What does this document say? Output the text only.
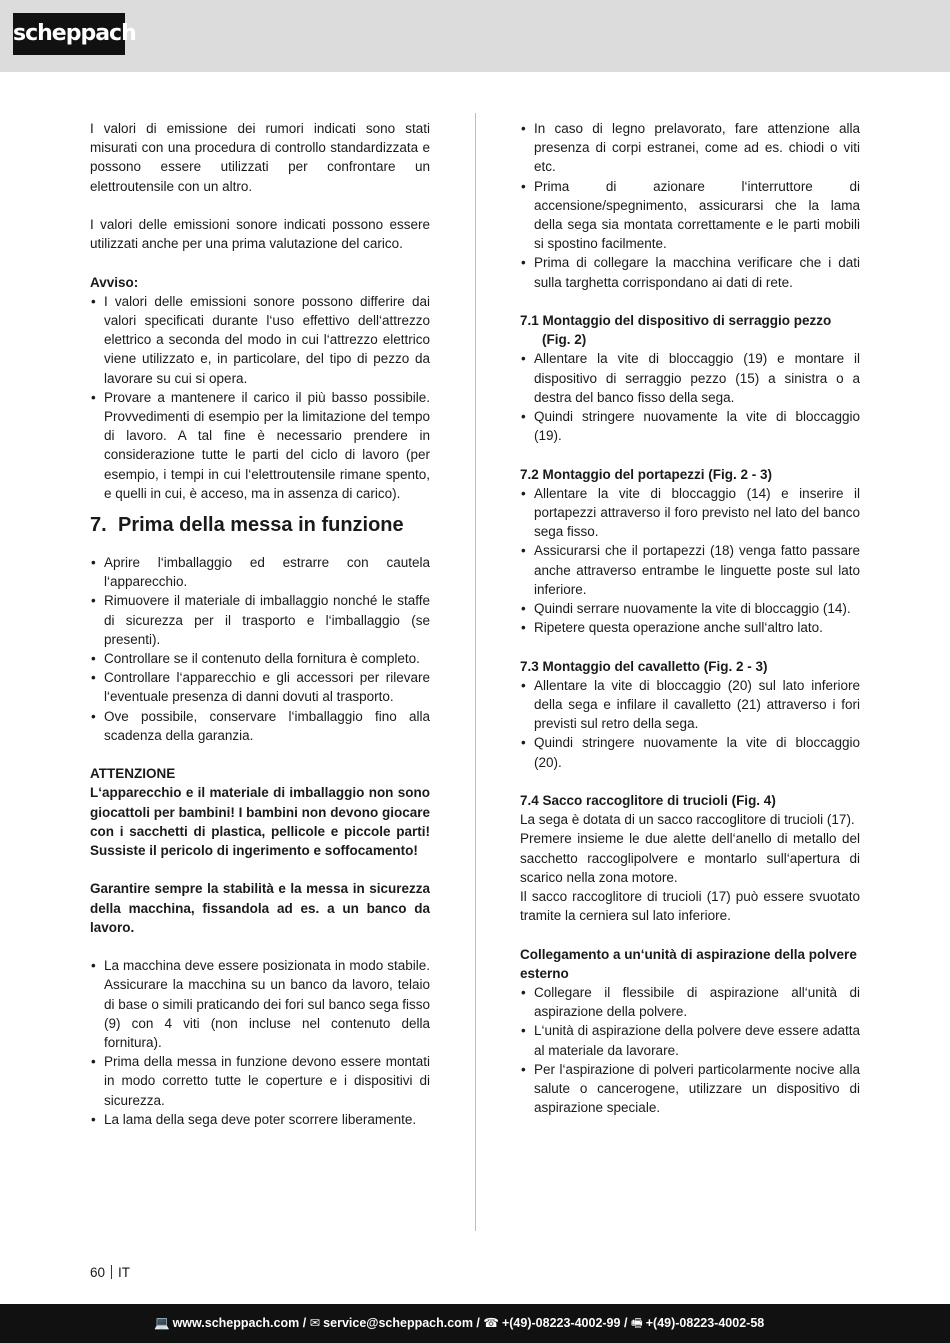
scheppach

I valori di emissione dei rumori indicati sono stati misurati con una procedura di controllo standardizzata e possono essere utilizzati per confrontare un elettroutensile con un altro.

I valori delle emissioni sonore indicati possono essere utilizzati anche per una prima valutazione del carico.

Avviso:
• I valori delle emissioni sonore possono differire dai valori specificati durante l‘uso effettivo dell‘attrezzo elettrico a seconda del modo in cui l‘attrezzo elettrico viene utilizzato e, in particolare, del tipo di pezzo da lavorare su cui si opera.
• Provare a mantenere il carico il più basso possibile. Provvedimenti di esempio per la limitazione del tempo di lavoro. A tal fine è necessario prendere in considerazione tutte le parti del ciclo di lavoro (per esempio, i tempi in cui l‘elettroutensile rimane spento, e quelli in cui, è acceso, ma in assenza di carico).
7. Prima della messa in funzione
• Aprire l‘imballaggio ed estrarre con cautela l‘apparecchio.
• Rimuovere il materiale di imballaggio nonché le staffe di sicurezza per il trasporto e l‘imballaggio (se presenti).
• Controllare se il contenuto della fornitura è completo.
• Controllare l‘apparecchio e gli accessori per rilevare l‘eventuale presenza di danni dovuti al trasporto.
• Ove possibile, conservare l‘imballaggio fino alla scadenza della garanzia.
ATTENZIONE

L‘apparecchio e il materiale di imballaggio non sono giocattoli per bambini! I bambini non devono giocare con i sacchetti di plastica, pellicole e piccole parti! Sussiste il pericolo di ingerimento e soffocamento!

Garantire sempre la stabilità e la messa in sicurezza della macchina, fissandola ad es. a un banco da lavoro.

• La macchina deve essere posizionata in modo stabile. Assicurare la macchina su un banco da lavoro, telaio di base o simili praticando dei fori sul banco sega fisso (9) con 4 viti (non incluse nel contenuto della fornitura).
• Prima della messa in funzione devono essere montati in modo corretto tutte le coperture e i dispositivi di sicurezza.
• La lama della sega deve poter scorrere liberamente.
• In caso di legno prelavorato, fare attenzione alla presenza di corpi estranei, come ad es. chiodi o viti etc.
• Prima di azionare l‘interruttore di accensione/spegnimento, assicurarsi che la lama della sega sia montata correttamente e le parti mobili si spostino facilmente.
• Prima di collegare la macchina verificare che i dati sulla targhetta corrispondano ai dati di rete.
7.1 Montaggio del dispositivo di serraggio pezzo
(Fig. 2)
• Allentare la vite di bloccaggio (19) e montare il dispositivo di serraggio pezzo (15) a sinistra o a destra del banco fisso della sega.
• Quindi stringere nuovamente la vite di bloccaggio (19).
7.2 Montaggio del portapezzi (Fig. 2 - 3)
• Allentare la vite di bloccaggio (14) e inserire il portapezzi attraverso il foro previsto nel lato del banco sega fisso.
• Assicurarsi che il portapezzi (18) venga fatto passare anche attraverso entrambe le linguette poste sul lato inferiore.
• Quindi serrare nuovamente la vite di bloccaggio (14).
• Ripetere questa operazione anche sull‘altro lato.
7.3 Montaggio del cavalletto (Fig. 2 - 3)
• Allentare la vite di bloccaggio (20) sul lato inferiore della sega e infilare il cavalletto (21) attraverso i fori previsti sul retro della sega.
• Quindi stringere nuovamente la vite di bloccaggio (20).
7.4 Sacco raccoglitore di trucioli (Fig. 4)

La sega è dotata di un sacco raccoglitore di trucioli (17).

Premere insieme le due alette dell‘anello di metallo del sacchetto raccoglipolvere e montarlo sull‘apertura di scarico nella zona motore.

Il sacco raccoglitore di trucioli (17) può essere svuotato tramite la cerniera sul lato inferiore.

Collegamento a un‘unità di aspirazione della polvere esterno
• Collegare il flessibile di aspirazione all‘unità di aspirazione della polvere.
• L‘unità di aspirazione della polvere deve essere adatta al materiale da lavorare.
• Per l‘aspirazione di polveri particolarmente nocive alla salute o cancerogene, utilizzare un dispositivo di aspirazione speciale.
60 IT
💻 www.scheppach.com / ✉ service@scheppach.com / ☎ +(49)-08223-4002-99 / 🖷 +(49)-08223-4002-58
